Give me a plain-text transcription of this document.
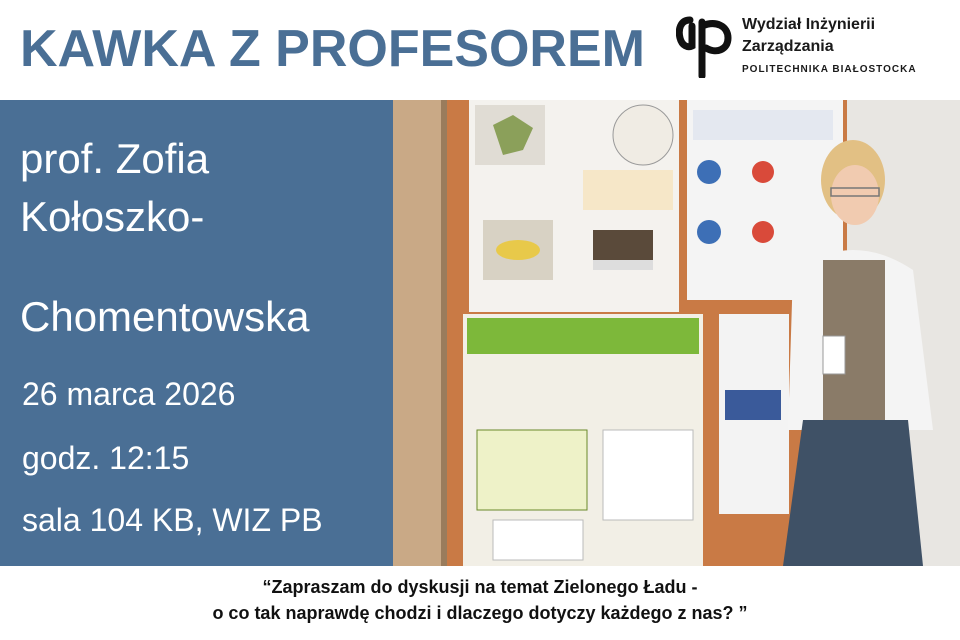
KAWKA Z PROFESOREM	Wydział Inżynierii
Zarządzania
POLITECHNIKA BIAŁOSTOCKA
prof. Zofia
Kołoszko-
Chomentowska
26 marca 2026
godz. 12:15
sala 104 KB, WIZ PB
“Zapraszam do dyskusji na temat Zielonego Ładu -
o co tak naprawdę chodzi i dlaczego dotyczy każdego z nas? ”
